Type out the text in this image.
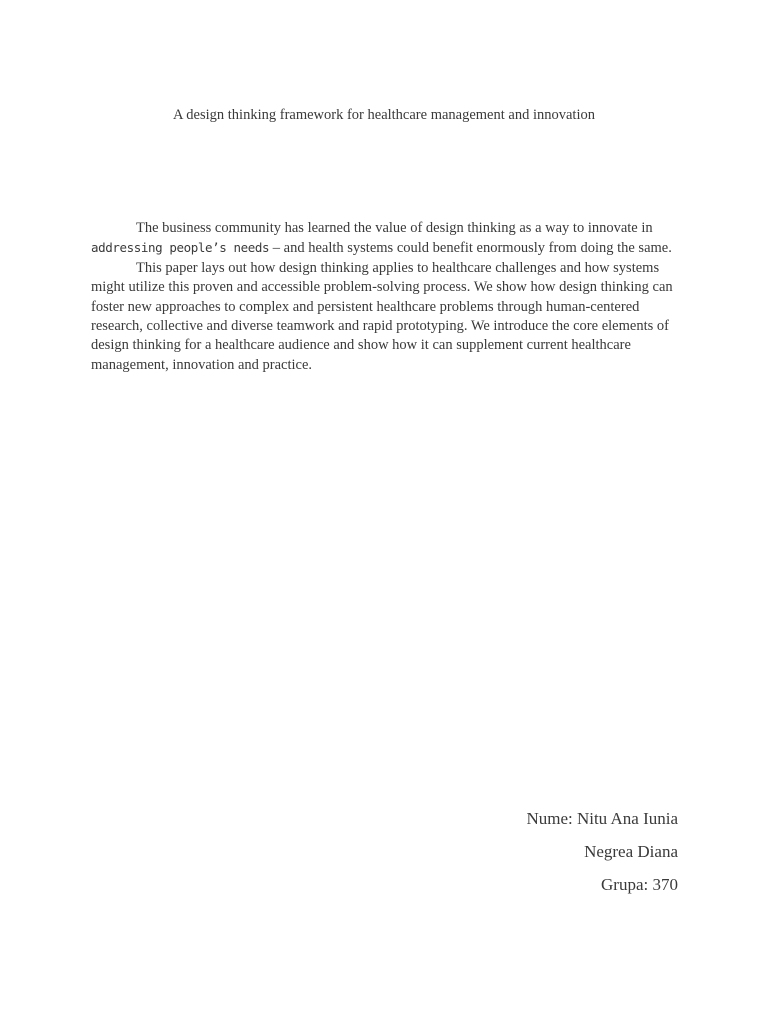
A design thinking framework for healthcare management and innovation

The business community has learned the value of design thinking as a way to innovate in addressing people’s needs – and health systems could benefit enormously from doing the same.

This paper lays out how design thinking applies to healthcare challenges and how systems might utilize this proven and accessible problem-solving process. We show how design thinking can foster new approaches to complex and persistent healthcare problems through human-centered research, collective and diverse teamwork and rapid prototyping. We introduce the core elements of design thinking for a healthcare audience and show how it can supplement current healthcare management, innovation and practice.

Nume: Nitu Ana Iunia
Negrea Diana
Grupa: 370
